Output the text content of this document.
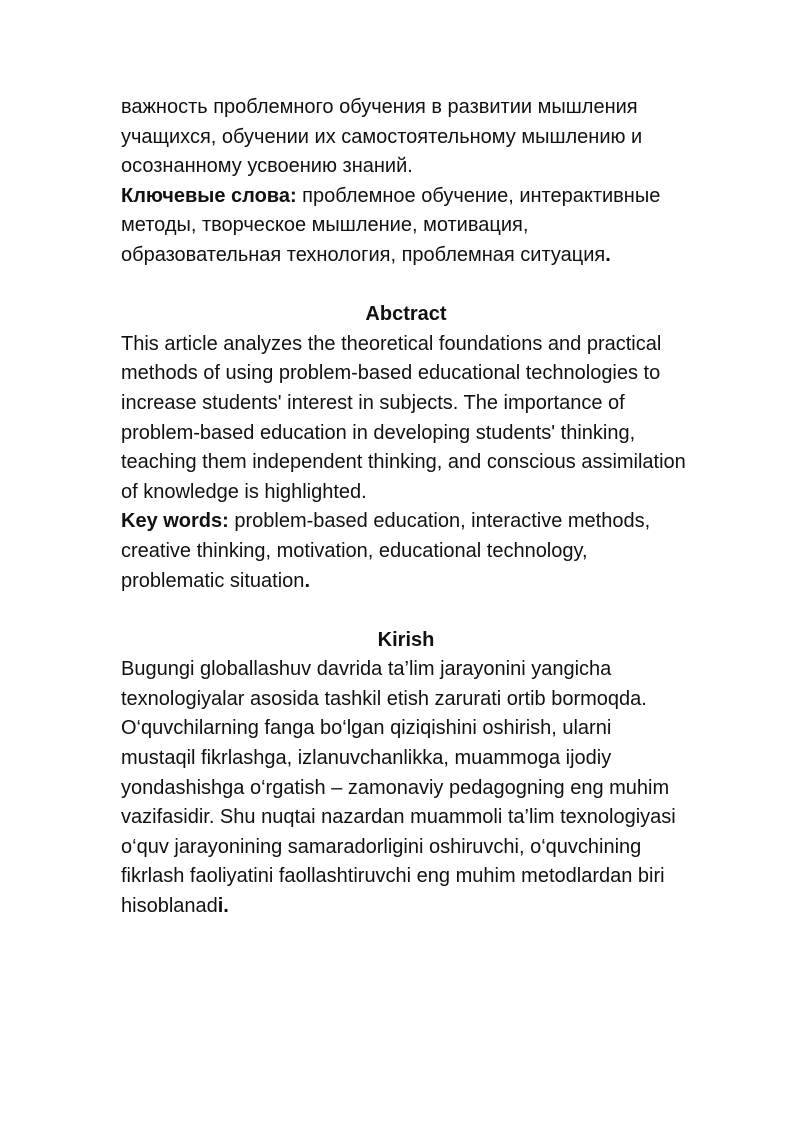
важность проблемного обучения в развитии мышления учащихся, обучении их самостоятельному мышлению и осознанному усвоению знаний.

Ключевые слова: проблемное обучение, интерактивные методы, творческое мышление, мотивация, образовательная технология, проблемная ситуация.

Abctract

This article analyzes the theoretical foundations and practical methods of using problem-based educational technologies to increase students' interest in subjects. The importance of problem-based education in developing students' thinking, teaching them independent thinking, and conscious assimilation of knowledge is highlighted.

Key words: problem-based education, interactive methods, creative thinking, motivation, educational technology, problematic situation.

Kirish

Bugungi globallashuv davrida ta’lim jarayonini yangicha texnologiyalar asosida tashkil etish zarurati ortib bormoqda. O‘quvchilarning fanga bo‘lgan qiziqishini oshirish, ularni mustaqil fikrlashga, izlanuvchanlikka, muammoga ijodiy yondashishga o‘rgatish – zamonaviy pedagogning eng muhim vazifasidir. Shu nuqtai nazardan muammoli ta’lim texnologiyasi o‘quv jarayonining samaradorligini oshiruvchi, o‘quvchining fikrlash faoliyatini faollashtiruvchi eng muhim metodlardan biri hisoblanadi.
